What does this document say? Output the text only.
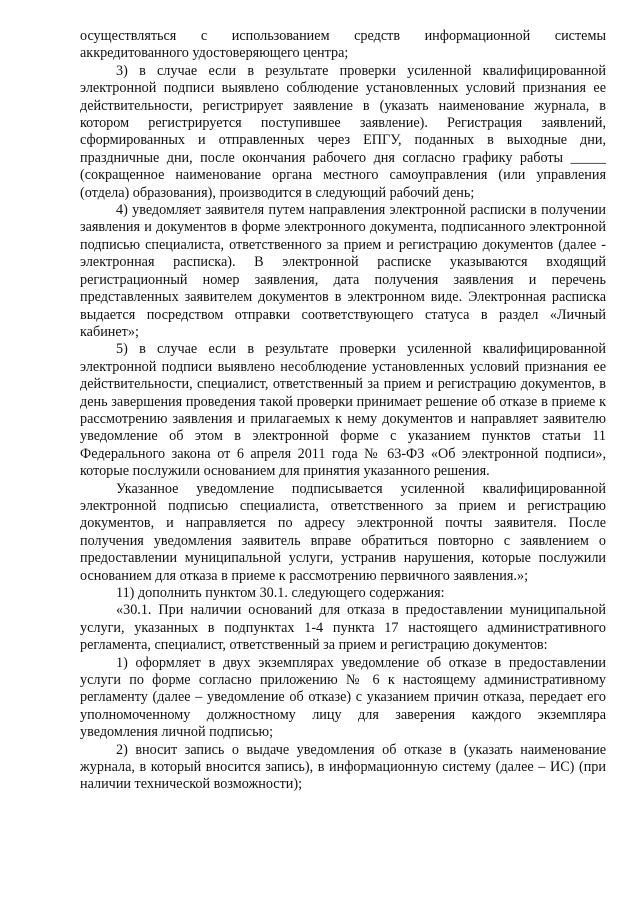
осуществляться с использованием средств информационной системы аккредитованного удостоверяющего центра;

3) в случае если в результате проверки усиленной квалифицированной электронной подписи выявлено соблюдение установленных условий признания ее действительности, регистрирует заявление в (указать наименование журнала, в котором регистрируется поступившее заявление). Регистрация заявлений, сформированных и отправленных через ЕПГУ, поданных в выходные дни, праздничные дни, после окончания рабочего дня согласно графику работы _____ (сокращенное наименование органа местного самоуправления (или управления (отдела) образования), производится в следующий рабочий день;

4) уведомляет заявителя путем направления электронной расписки в получении заявления и документов в форме электронного документа, подписанного электронной подписью специалиста, ответственного за прием и регистрацию документов (далее - электронная расписка). В электронной расписке указываются входящий регистрационный номер заявления, дата получения заявления и перечень представленных заявителем документов в электронном виде. Электронная расписка выдается посредством отправки соответствующего статуса в раздел «Личный кабинет»;

5) в случае если в результате проверки усиленной квалифицированной электронной подписи выявлено несоблюдение установленных условий признания ее действительности, специалист, ответственный за прием и регистрацию документов, в день завершения проведения такой проверки принимает решение об отказе в приеме к рассмотрению заявления и прилагаемых к нему документов и направляет заявителю уведомление об этом в электронной форме с указанием пунктов статьи 11 Федерального закона от 6 апреля 2011 года № 63-ФЗ «Об электронной подписи», которые послужили основанием для принятия указанного решения.

Указанное уведомление подписывается усиленной квалифицированной электронной подписью специалиста, ответственного за прием и регистрацию документов, и направляется по адресу электронной почты заявителя. После получения уведомления заявитель вправе обратиться повторно с заявлением о предоставлении муниципальной услуги, устранив нарушения, которые послужили основанием для отказа в приеме к рассмотрению первичного заявления.»;

11) дополнить пунктом 30.1. следующего содержания:

«30.1. При наличии оснований для отказа в предоставлении муниципальной услуги, указанных в подпунктах 1-4 пункта 17 настоящего административного регламента, специалист, ответственный за прием и регистрацию документов:

1) оформляет в двух экземплярах уведомление об отказе в предоставлении услуги по форме согласно приложению № 6 к настоящему административному регламенту (далее – уведомление об отказе) с указанием причин отказа, передает его уполномоченному должностному лицу для заверения каждого экземпляра уведомления личной подписью;

2) вносит запись о выдаче уведомления об отказе в (указать наименование журнала, в который вносится запись), в информационную систему (далее – ИС) (при наличии технической возможности);
